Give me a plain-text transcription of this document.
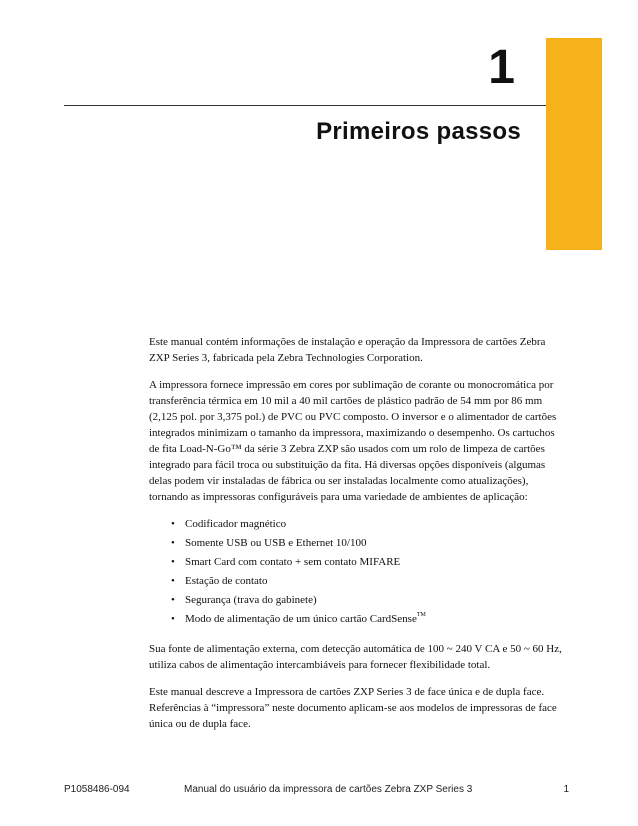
1
Primeiros passos

Este manual contém informações de instalação e operação da Impressora de cartões Zebra ZXP Series 3, fabricada pela Zebra Technologies Corporation.

A impressora fornece impressão em cores por sublimação de corante ou monocromática por transferência térmica em 10 mil a 40 mil cartões de plástico padrão de 54 mm por 86 mm (2,125 pol. por 3,375 pol.) de PVC ou PVC composto. O inversor e o alimentador de cartões integrados minimizam o tamanho da impressora, maximizando o desempenho. Os cartuchos de fita Load-N-Go™ da série 3 Zebra ZXP são usados com um rolo de limpeza de cartões integrado para fácil troca ou substituição da fita. Há diversas opções disponíveis (algumas delas podem vir instaladas de fábrica ou ser instaladas localmente como atualizações), tornando as impressoras configuráveis para uma variedade de ambientes de aplicação:

• Codificador magnético
• Somente USB ou USB e Ethernet 10/100
• Smart Card com contato + sem contato MIFARE
• Estação de contato
• Segurança (trava do gabinete)
• Modo de alimentação de um único cartão CardSense™

Sua fonte de alimentação externa, com detecção automática de 100 ~ 240 V CA e 50 ~ 60 Hz, utiliza cabos de alimentação intercambiáveis para fornecer flexibilidade total.

Este manual descreve a Impressora de cartões ZXP Series 3 de face única e de dupla face. Referências à “impressora” neste documento aplicam-se aos modelos de impressoras de face única ou de dupla face.

P1058486-094	Manual do usuário da impressora de cartões Zebra ZXP Series 3	1
